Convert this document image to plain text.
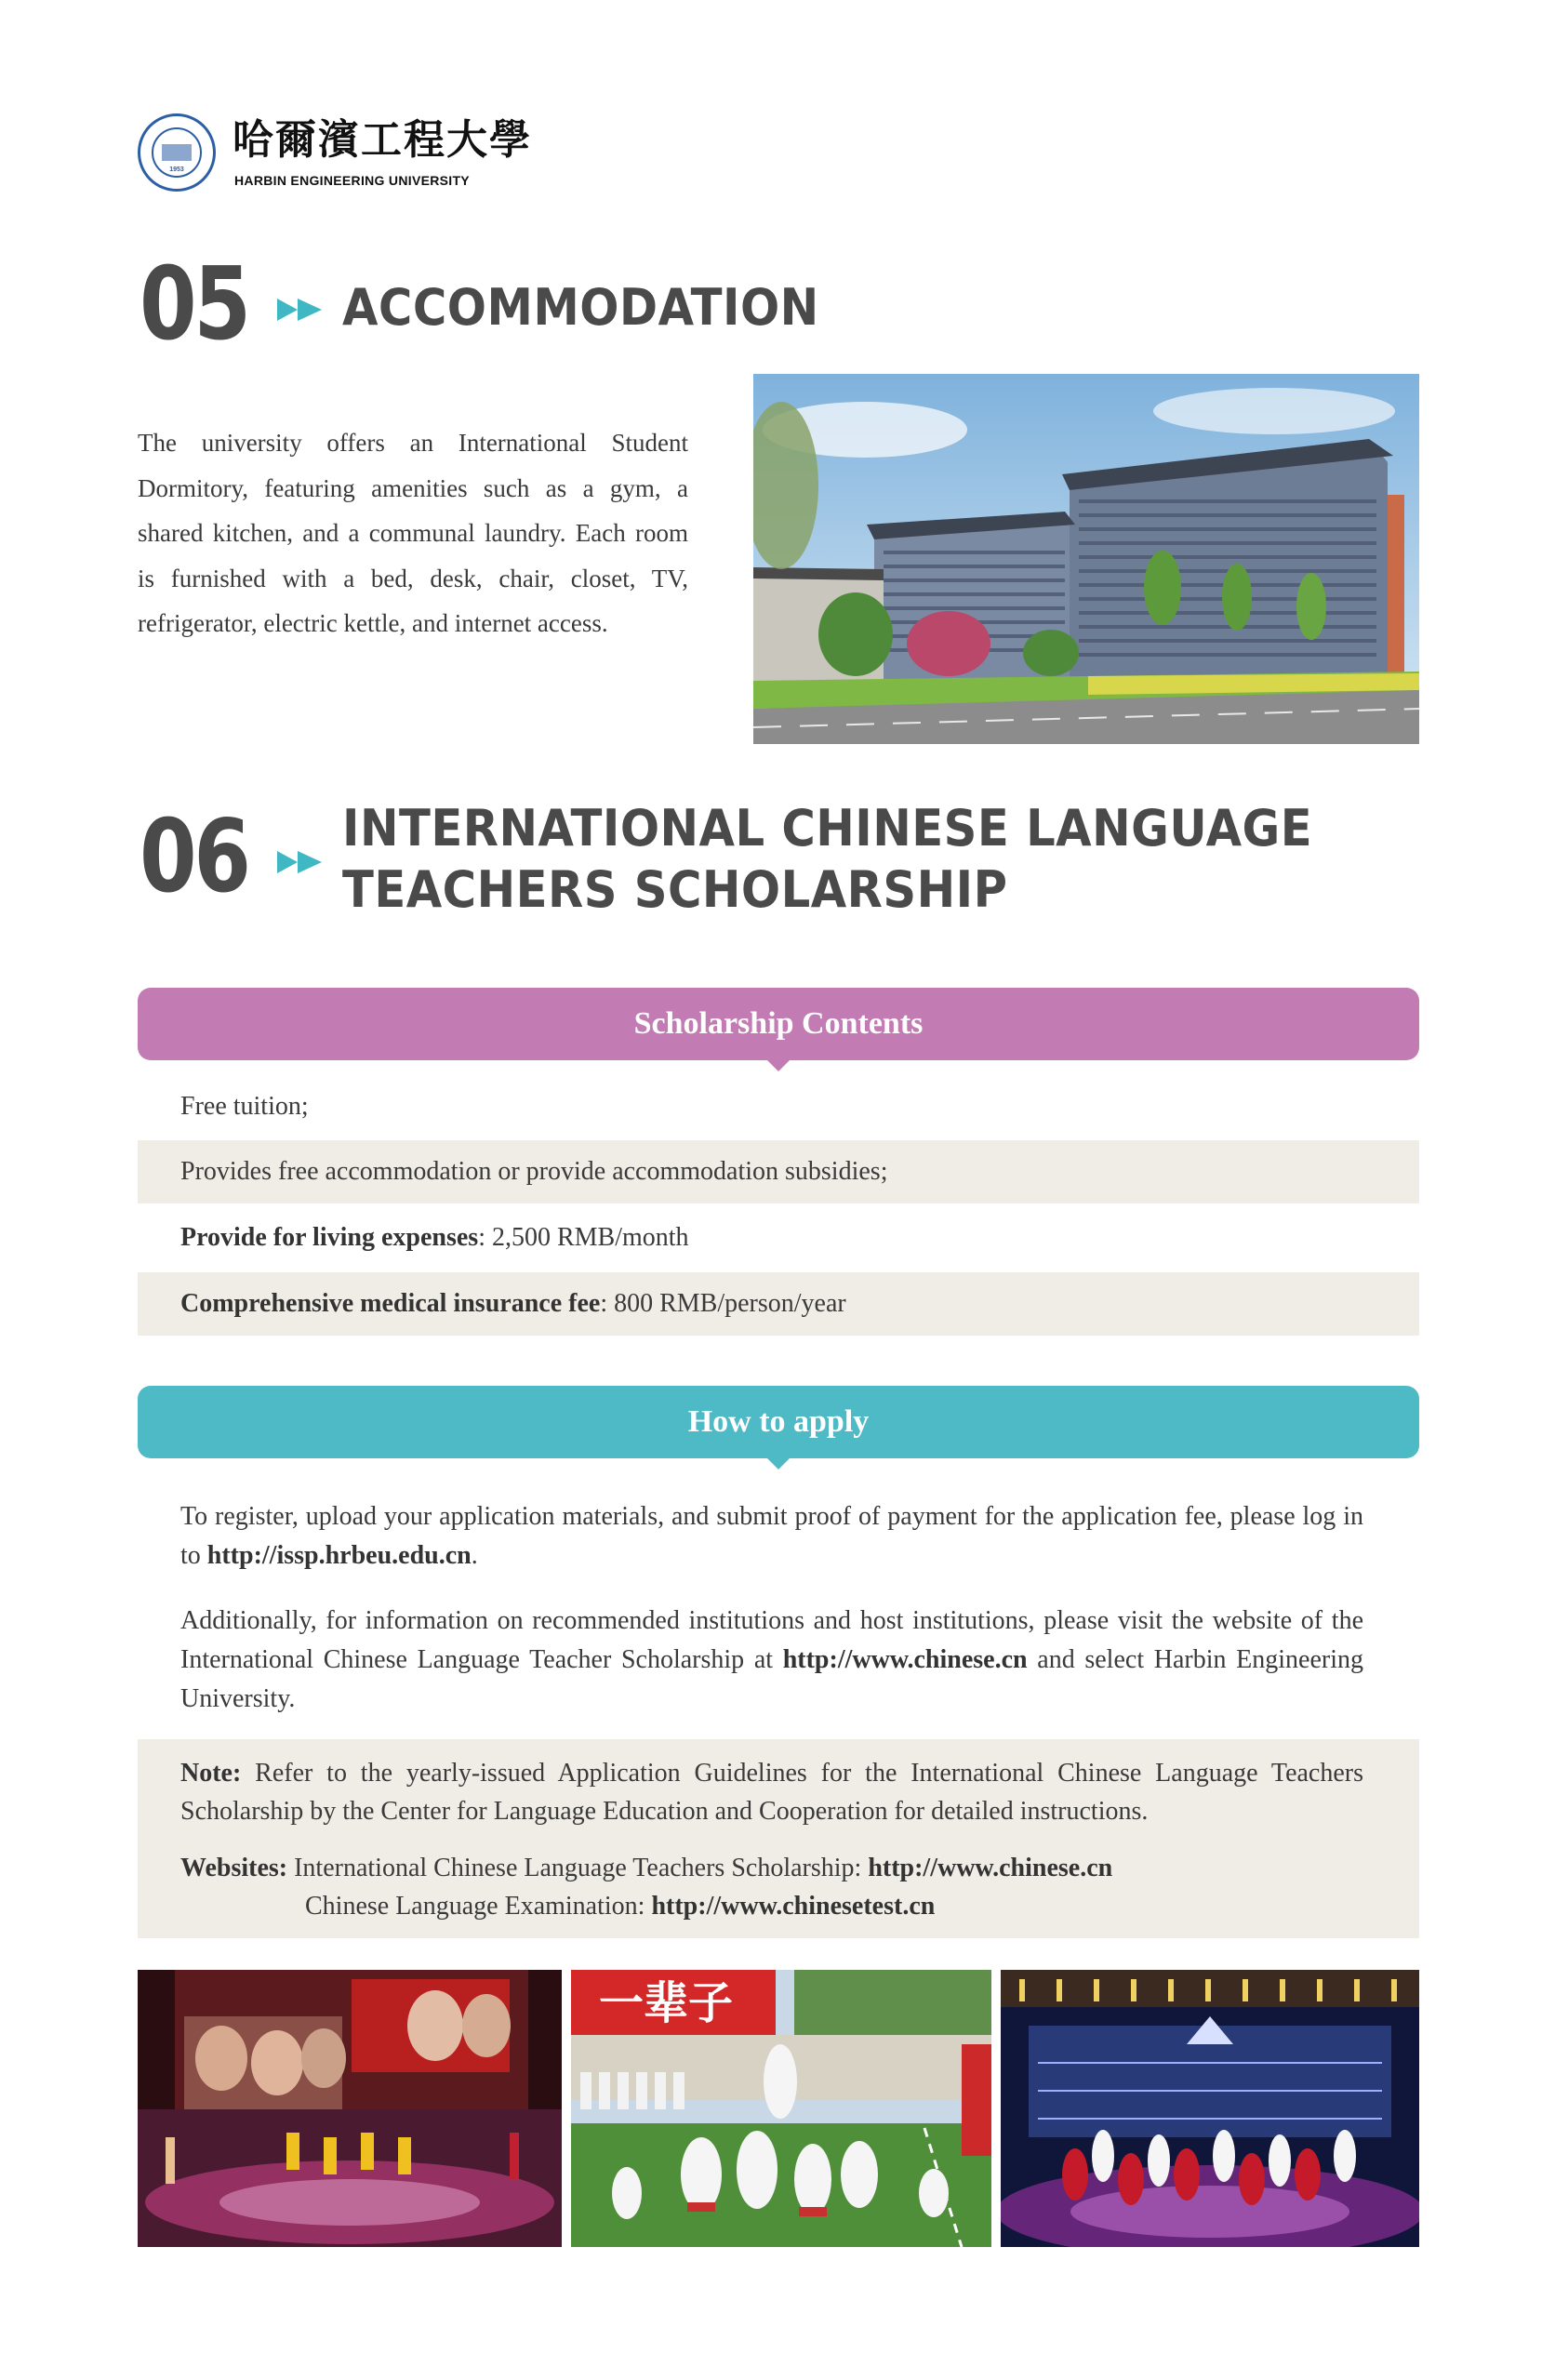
1953
哈爾濱工程大學
HARBIN ENGINEERING UNIVERSITY
05 ACCOMMODATION
The university offers an International Student Dormitory, featuring amenities such as a gym, a shared kitchen, and a communal laundry. Each room is furnished with a bed, desk, chair, closet, TV, refrigerator, electric kettle, and internet access.
06 INTERNATIONAL CHINESE LANGUAGE
TEACHERS SCHOLARSHIP
Scholarship Contents
Free tuition;
Provides free accommodation or provide accommodation subsidies;
Provide for living expenses: 2,500 RMB/month
Comprehensive medical insurance fee: 800 RMB/person/year
How to apply
To register, upload your application materials, and submit proof of payment for the application fee, please log in to http://issp.hrbeu.edu.cn.
Additionally, for information on recommended institutions and host institutions, please visit the website of the International Chinese Language Teacher Scholarship at http://www.chinese.cn and select Harbin Engineering University.
Note: Refer to the yearly-issued Application Guidelines for the International Chinese Language Teachers Scholarship by the Center for Language Education and Cooperation for detailed instructions.
Websites: International Chinese Language Teachers Scholarship: http://www.chinese.cn
Chinese Language Examination: http://www.chinesetest.cn
一辈子
